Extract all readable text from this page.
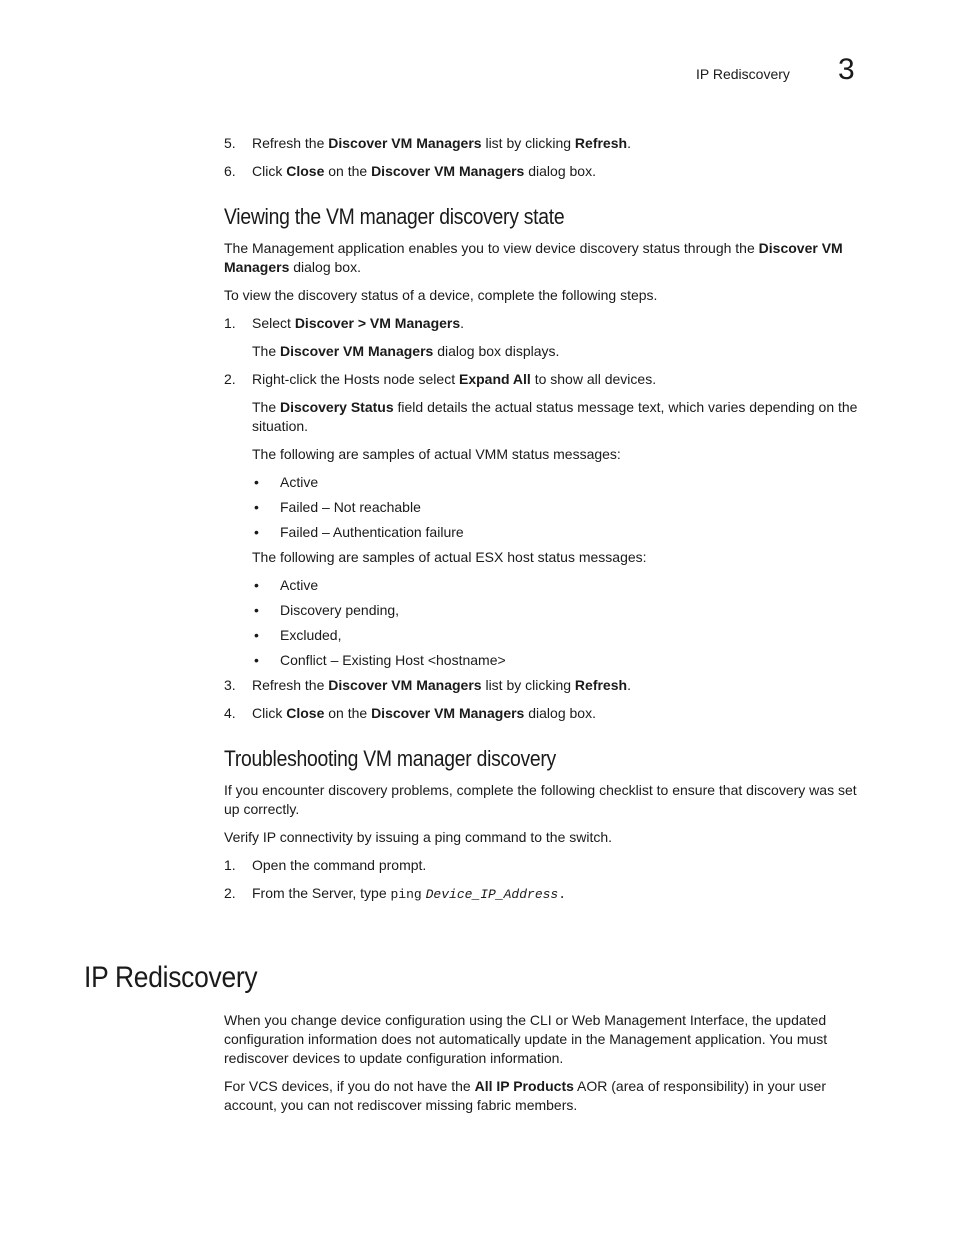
IP Rediscovery 3
5. Refresh the Discover VM Managers list by clicking Refresh.
6. Click Close on the Discover VM Managers dialog box.
Viewing the VM manager discovery state

The Management application enables you to view device discovery status through the Discover VM Managers dialog box.

To view the discovery status of a device, complete the following steps.

1. Select Discover > VM Managers.

The Discover VM Managers dialog box displays.

2. Right-click the Hosts node select Expand All to show all devices.

The Discovery Status field details the actual status message text, which varies depending on the situation.

The following are samples of actual VMM status messages:

• Active
• Failed – Not reachable
• Failed – Authentication failure

The following are samples of actual ESX host status messages:

• Active
• Discovery pending,
• Excluded,
• Conflict – Existing Host <hostname>
3. Refresh the Discover VM Managers list by clicking Refresh.
4. Click Close on the Discover VM Managers dialog box.
Troubleshooting VM manager discovery

If you encounter discovery problems, complete the following checklist to ensure that discovery was set up correctly.

Verify IP connectivity by issuing a ping command to the switch.

1. Open the command prompt.
2. From the Server, type ping Device_IP_Address.
IP Rediscovery

When you change device configuration using the CLI or Web Management Interface, the updated configuration information does not automatically update in the Management application. You must rediscover devices to update configuration information.

For VCS devices, if you do not have the All IP Products AOR (area of responsibility) in your user account, you can not rediscover missing fabric members.
